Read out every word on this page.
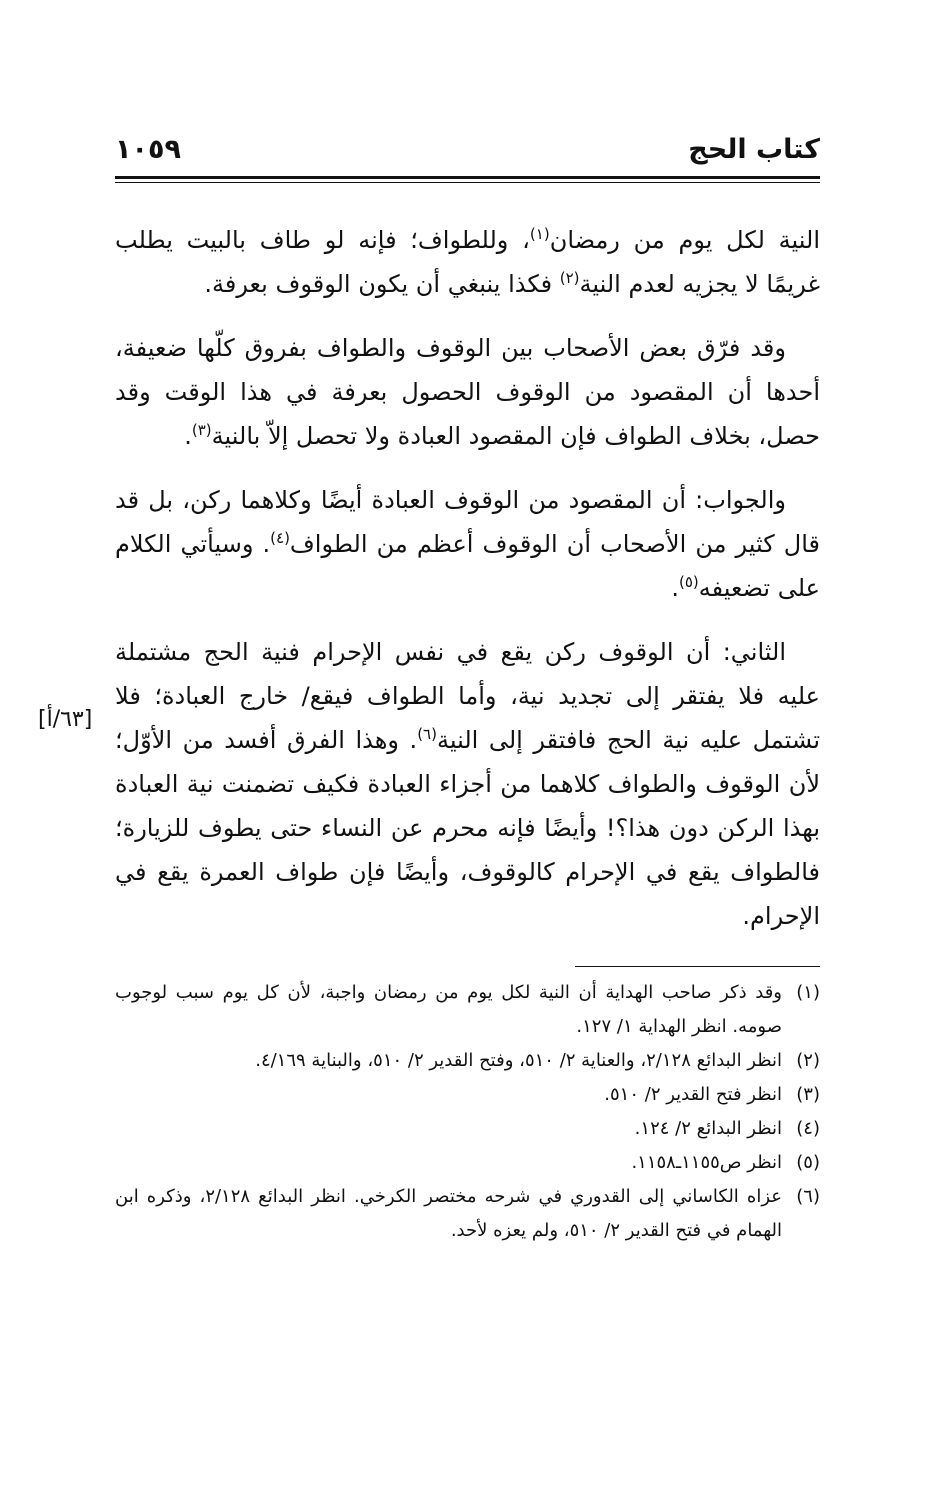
كتاب الحج
١٠٥٩
[٦٣/أ]

النية لكل يوم من رمضان$^{(١)}$، وللطواف؛ فإنه لو طاف بالبيت يطلب غريمًا لا يجزيه لعدم النية$^{(٢)}$ فكذا ينبغي أن يكون الوقوف بعرفة.

وقد فرّق بعض الأصحاب بين الوقوف والطواف بفروق كلّها ضعيفة، أحدها أن المقصود من الوقوف الحصول بعرفة في هذا الوقت وقد حصل، بخلاف الطواف فإن المقصود العبادة ولا تحصل إلاّ بالنية$^{(٣)}$.

والجواب: أن المقصود من الوقوف العبادة أيضًا وكلاهما ركن، بل قد قال كثير من الأصحاب أن الوقوف أعظم من الطواف$^{(٤)}$. وسيأتي الكلام على تضعيفه$^{(٥)}$.

الثاني: أن الوقوف ركن يقع في نفس الإحرام فنية الحج مشتملة عليه فلا يفتقر إلى تجديد نية، وأما الطواف فيقع/ خارج العبادة؛ فلا تشتمل عليه نية الحج فافتقر إلى النية$^{(٦)}$. وهذا الفرق أفسد من الأوّل؛ لأن الوقوف والطواف كلاهما من أجزاء العبادة فكيف تضمنت نية العبادة بهذا الركن دون هذا؟! وأيضًا فإنه محرم عن النساء حتى يطوف للزيارة؛ فالطواف يقع في الإحرام كالوقوف، وأيضًا فإن طواف العمرة يقع في الإحرام.

(١)
وقد ذكر صاحب الهداية أن النية لكل يوم من رمضان واجبة، لأن كل يوم سبب لوجوب صومه. انظر الهداية ١/ ١٢٧.
(٢)
انظر البدائع ٢/١٢٨، والعناية ٢/ ٥١٠، وفتح القدير ٢/ ٥١٠، والبناية ٤/١٦٩.
(٣)
انظر فتح القدير ٢/ ٥١٠.
(٤)
انظر البدائع ٢/ ١٢٤.
(٥)
انظر ص١١٥٥ـ١١٥٨.
(٦)
عزاه الكاساني إلى القدوري في شرحه مختصر الكرخي. انظر البدائع ٢/١٢٨، وذكره ابن الهمام في فتح القدير ٢/ ٥١٠، ولم يعزه لأحد.
